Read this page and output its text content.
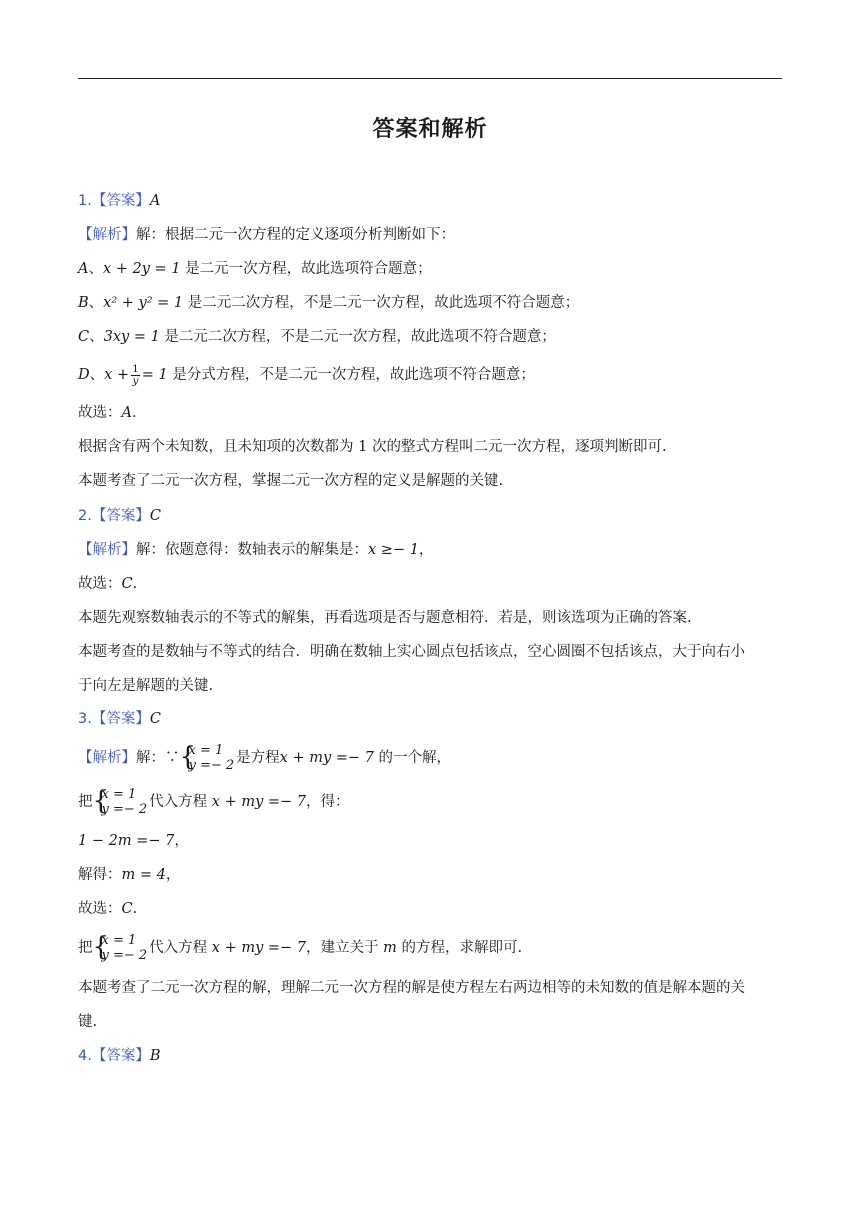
答案和解析
1.【答案】A
【解析】解：根据二元一次方程的定义逐项分析判断如下：
A、x + 2y = 1 是二元一次方程，故此选项符合题意；
B、x² + y² = 1 是二元二次方程，不是二元一次方程，故此选项不符合题意；
C、3xy = 1 是二元二次方程，不是二元一次方程，故此选项不符合题意；
D、$x + \frac{1}{y} = 1$ 是分式方程，不是二元一次方程，故此选项不符合题意；
故选：A.
根据含有两个未知数，且未知项的次数都为 1 次的整式方程叫二元一次方程，逐项判断即可.
本题考查了二元一次方程，掌握二元一次方程的定义是解题的关键.
2.【答案】C
【解析】解：依题意得：数轴表示的解集是：x ≥− 1，
故选：C.
本题先观察数轴表示的不等式的解集，再看选项是否与题意相符．若是，则该选项为正确的答案.
本题考查的是数轴与不等式的结合．明确在数轴上实心圆点包括该点，空心圆圈不包括该点，大于向右小
于向左是解题的关键.
3.【答案】C
【解析】解：∵ {
x = 1
y =− 2 是方程x + my =− 7 的一个解，
把 {
x = 1
y =− 2 代入方程 x + my =− 7，得：
1 − 2m =− 7，
解得：m = 4，
故选：C.
把 {
x = 1
y =− 2 代入方程 x + my =− 7，建立关于 m 的方程，求解即可.
本题考查了二元一次方程的解，理解二元一次方程的解是使方程左右两边相等的未知数的值是解本题的关
键.
4.【答案】B
